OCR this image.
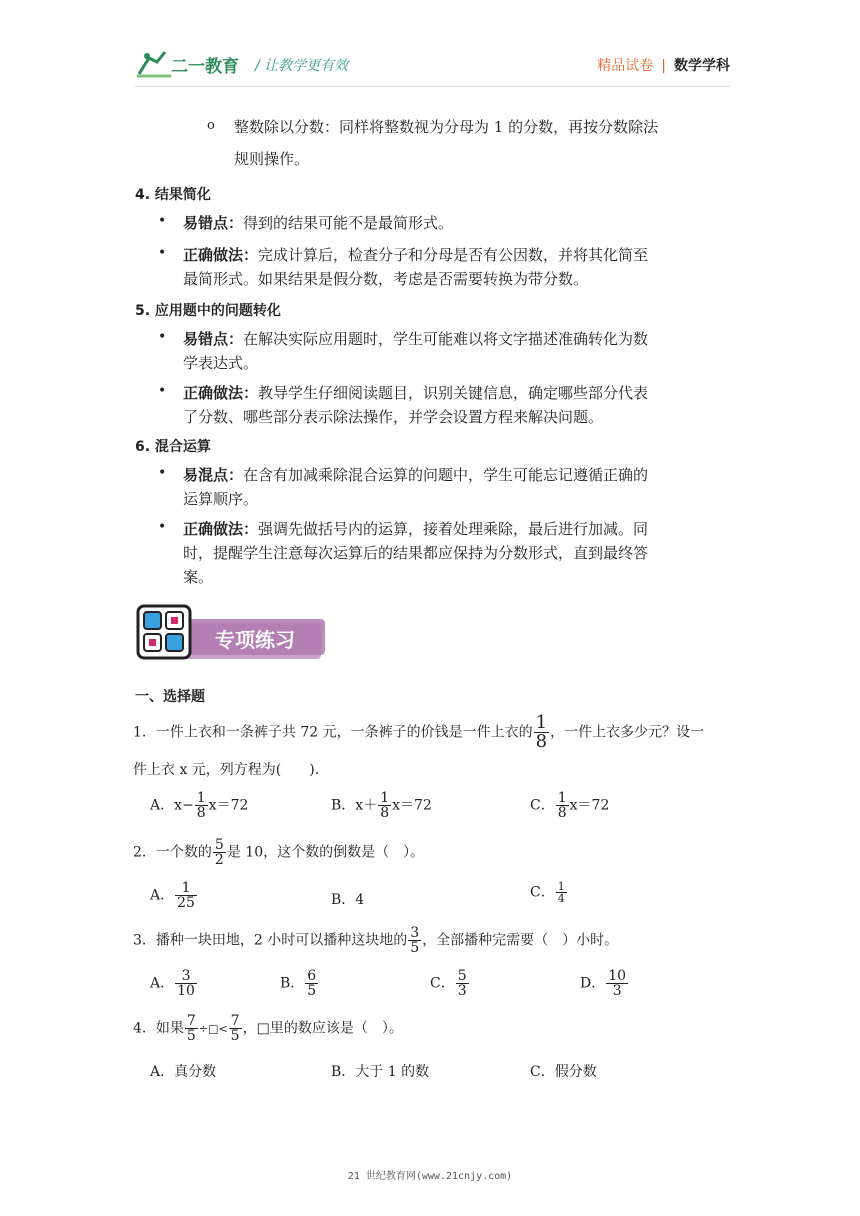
二一教育 / 让教学更有效	精品试卷 | 数学学科
o 整数除以分数：同样将整数视为分母为 1 的分数，再按分数除法
规则操作。
4. 结果简化
• 易错点：得到的结果可能不是最简形式。
• 正确做法：完成计算后，检查分子和分母是否有公因数，并将其化简至
最简形式。如果结果是假分数，考虑是否需要转换为带分数。
5. 应用题中的问题转化
• 易错点：在解决实际应用题时，学生可能难以将文字描述准确转化为数
学表达式。
• 正确做法：教导学生仔细阅读题目，识别关键信息，确定哪些部分代表
了分数、哪些部分表示除法操作，并学会设置方程来解决问题。
6. 混合运算
• 易混点：在含有加减乘除混合运算的问题中，学生可能忘记遵循正确的
运算顺序。
• 正确做法：强调先做括号内的运算，接着处理乘除，最后进行加减。同
时，提醒学生注意每次运算后的结果都应保持为分数形式，直到最终答
案。
专项练习
一、选择题
1．一件上衣和一条裤子共 72 元，一条裤子的价钱是一件上衣的 $\frac{1}{8}$ ，一件上衣多少元？设一
件上衣 x 元，列方程为(　　).
A．$x- \frac{1}{8} x=72$	B．$x+ \frac{1}{8} x=72$	C． $\frac{1}{8} x=72$
2．一个数的 $\frac{5}{2}$ 是 10，这个数的倒数是（　）。
A． $\frac{1}{25}$	B．4	C． $\frac{1}{4}$
3．播种一块田地，2 小时可以播种这块地的 $\frac{3}{5}$ ，全部播种完需要（　）小时。
A． $\frac{3}{10}$	B． $\frac{6}{5}$	C． $\frac{5}{3}$	D． $\frac{10}{3}$
4．如果 $\frac{7}{5}$ ÷□< $\frac{7}{5}$ ，□里的数应该是（　）。
A．真分数	B．大于 1 的数	C．假分数
21 世纪教育网(www.21cnjy.com)
